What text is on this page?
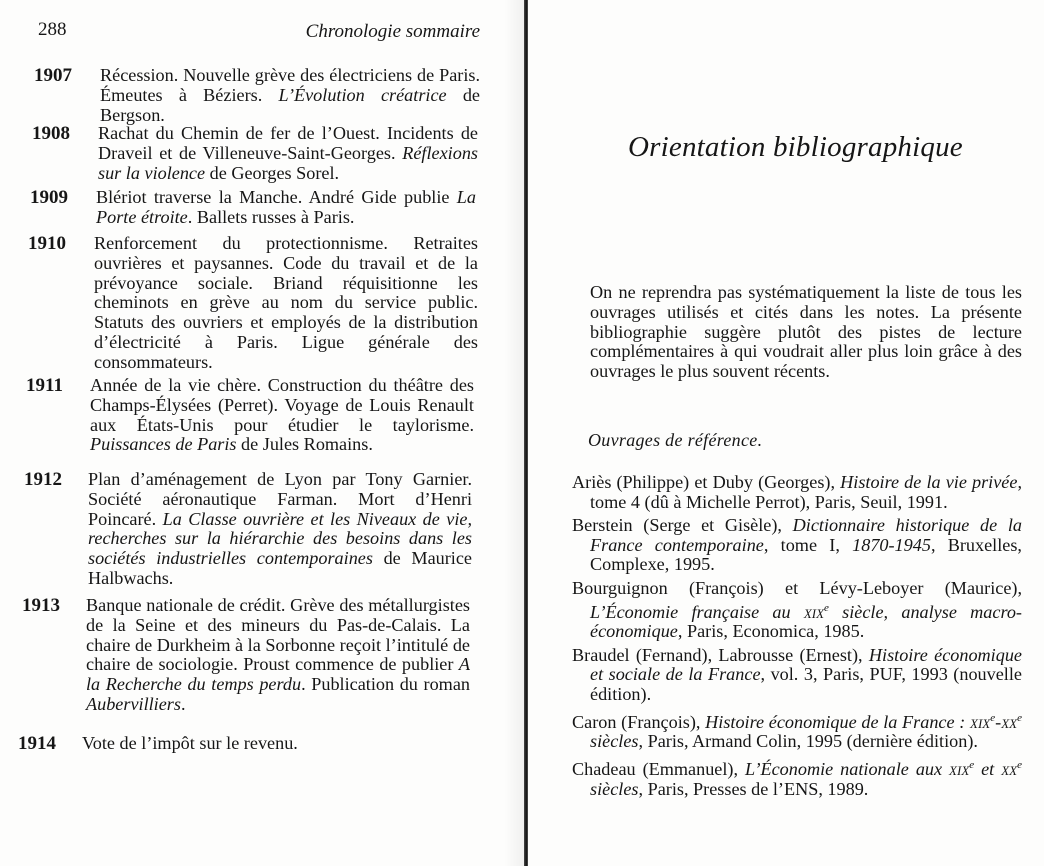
288	Chronologie sommaire
1907 Récession. Nouvelle grève des électriciens de Paris. Émeutes à Béziers. L’Évolution créatrice de Bergson.

1908 Rachat du Chemin de fer de l’Ouest. Incidents de Draveil et de Villeneuve-Saint-Georges. Réflexions sur la violence de Georges Sorel.

1909 Blériot traverse la Manche. André Gide publie La Porte étroite. Ballets russes à Paris.

1910 Renforcement du protectionnisme. Retraites ouvrières et paysannes. Code du travail et de la prévoyance sociale. Briand réquisitionne les cheminots en grève au nom du service public. Statuts des ouvriers et employés de la distribution d’électricité à Paris. Ligue générale des consommateurs.

1911 Année de la vie chère. Construction du théâtre des Champs-Élysées (Perret). Voyage de Louis Renault aux États-Unis pour étudier le taylorisme. Puissances de Paris de Jules Romains.

1912 Plan d’aménagement de Lyon par Tony Garnier. Société aéronautique Farman. Mort d’Henri Poincaré. La Classe ouvrière et les Niveaux de vie, recherches sur la hiérarchie des besoins dans les sociétés industrielles contemporaines de Maurice Halbwachs.

1913 Banque nationale de crédit. Grève des métallurgistes de la Seine et des mineurs du Pas-de-Calais. La chaire de Durkheim à la Sorbonne reçoit l’intitulé de chaire de sociologie. Proust commence de publier A la Recherche du temps perdu. Publication du roman Aubervilliers.

1914 Vote de l’impôt sur le revenu.

Orientation bibliographique

On ne reprendra pas systématiquement la liste de tous les ouvrages utilisés et cités dans les notes. La présente bibliographie suggère plutôt des pistes de lecture complémentaires à qui voudrait aller plus loin grâce à des ouvrages le plus souvent récents.

Ouvrages de référence.
Ariès (Philippe) et Duby (Georges), Histoire de la vie privée, tome 4 (dû à Michelle Perrot), Paris, Seuil, 1991.
Berstein (Serge et Gisèle), Dictionnaire historique de la France contemporaine, tome I, 1870-1945, Bruxelles, Complexe, 1995.
Bourguignon (François) et Lévy-Leboyer (Maurice), L’Économie française au xix$^e$ siècle, analyse macro-économique, Paris, Economica, 1985.
Braudel (Fernand), Labrousse (Ernest), Histoire économique et sociale de la France, vol. 3, Paris, PUF, 1993 (nouvelle édition).
Caron (François), Histoire économique de la France : $xix^e-xx^e$ siècles, Paris, Armand Colin, 1995 (dernière édition).
Chadeau (Emmanuel), L’Économie nationale aux xix$^e$ et $xx^e$ siècles, Paris, Presses de l’ENS, 1989.
